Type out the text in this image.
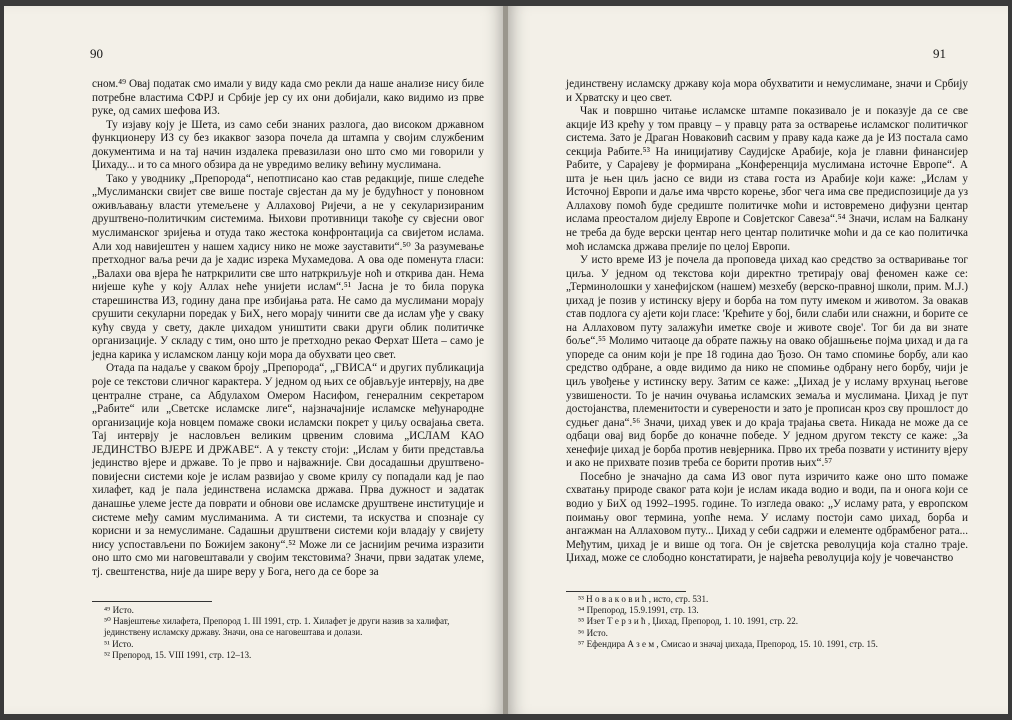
90

сном.⁴⁹ Овај податак смо имали у виду када смо рекли да наше анализе нису биле потребне властима СФРЈ и Србије јер су их они добијали, како видимо из прве руке, од самих шефова ИЗ.

Ту изјаву коју је Шета, из само себи знаних разлога, дао високом државном функционеру ИЗ су без икаквог зазора почела да штампа у своjим службеним документима и на тај начин издалека превазилази оно што смо ми говорили у Џихаду... и то са много обзира да не увредимо велику већину муслимана.

Тако у уводнику „Препорода“, непотписано као став редакције, пише следеће „Муслимански свијет све више постаје свјестан да му је будућност у поновном оживљавању власти утемељене у Аллаховој Ријечи, а не у секуларизираним друштвено-политичким системима. Њихови противници такође су свјесни овог муслиманског зријења и отуда тако жестока конфронтација са свијетом ислама. Али ход навијештен у нашем хадису нико не може зауставити“.⁵⁰ За разумевање претходног ваља речи да је хадис изрека Мухамедова. А ова оде поменута гласи: „Валахи ова вјера ће натркрилити све што натркриљује ноћ и открива дан. Нема нијеше куће у коју Аллах неће унијети ислам“.⁵¹ Јасна је то била порука старешинства ИЗ, годину дана пре избијања рата. Не само да муслимани морају срушити секуларни поредак у БиХ, него морају чинити све да ислам уђе у сваку кућу свуда у свету, дакле џихадом уништити сваки други облик политичке организације. У складу с тим, оно што је претходно рекао Ферхат Шета – само је једна карика у исламском ланцу који мора да обухвати цео свет.

Отада па надаље у сваком броју „Препорода“, „ГВИСА“ и других публикација роје се текстови сличног карактера. У једном од њих се објављује интервју, на две централне стране, са Абдулахом Омером Насифом, генералним секретаром „Рабите“ или „Светске исламске лиге“, најзначајније исламске међународне организације која новцем помаже своки исламски покрет у циљу освајања света. Тај интервју је насловљен великим црвеним словима „ИСЛАМ КАО ЈЕДИНСТВО ВЈЕРЕ И ДРЖАВЕ“. А у тексту стоји: „Ислам у бити представља јединство вјере и државе. То је прво и најважније. Сви досадашњи друштвено-повијесни системи које је ислам развијао у своме крилу су попадали кад је пао хилафет, кад је пала јединствена исламска држава. Прва дужност и задатак данашње улеме јесте да поврати и обнови ове исламске друштвене институције и системе међу самим муслиманима. А ти системи, та искуства и спознаје су корисни и за немуслимане. Садашњи друштвени системи који владају у свијету нису успостављени по Божијем закону“.⁵² Може ли се јаснијим речима изразити оно што смо ми наговештавали у својим текстовима? Значи, први задатак улеме, тј. свештенства, није да шире веру у Бога, него да се боре за

⁴⁹ Исто.
⁵⁰ Навјештење хилафета, Препород 1. III 1991, стр. 1. Хилафет је други назив за халифат, јединствену исламску државу. Значи, она се наговештава и долази.
⁵¹ Исто.
⁵² Препород, 15. VIII 1991, стр. 12–13.
91

јединствену исламску државу која мора обухватити и немуслимане, значи и Србију и Хрватску и цео свет.

Чак и површно читање исламске штампе показивало је и показује да се све акције ИЗ крећу у том правцу – у правцу рата за остварење исламског политичког система. Зато је Драган Новаковић сасвим у праву када каже да је ИЗ постала само секција Рабите.⁵³ На иницијативу Саудијске Арабије, која је главни финансијер Рабите, у Сарајеву је формирана „Конференција муслимана источне Европе“. А шта је њен циљ јасно се види из става госта из Арабије који каже: „Ислам у Источној Европи и даље има чврсто корење, због чега има све предиспозиције да уз Аллахову помоћ буде средиште политичке моћи и истовремено дифузни центар ислама преосталом дијелу Европе и Совјетског Савеза“.⁵⁴ Значи, ислам на Балкану не треба да буде верски центар него центар политичке моћи и да се као политичка моћ исламска држава прелије по целој Европи.

У исто време ИЗ је почела да проповеда џихад као средство за остваривање тог циља. У једном од текстова који директно третирају овај феномен каже се: „Терминолошки у ханефијском (нашем) мезхебу (верско-правној школи, прим. М.Ј.) џихад је позив у истинску вјеру и борба на том путу имеком и животом. За овакав став подлога су ајети који гласе: 'Крећите у бој, били слаби или снажни, и борите се на Аллаховом путу залажући иметке своје и животе своје'. Тог би да ви знате боље“.⁵⁵ Молимо читаоце да обрате пажњу на овако објашњење појма џихад и да га упореде са оним који је пре 18 година дао Ђозо. Он тамо спомиње борбу, али као средство одбране, а овде видимо да нико не спомиње одбрану него борбу, чији је циљ увођење у истинску веру. Затим се каже: „Џихад је у исламу врхунац његове узвишености. То је начин очувања исламских земаља и муслимана. Џихад је пут достојанства, племенитости и суверености и зато је прописан кроз сву прошлост до судњег дана“.⁵⁶ Значи, џихад увек и до краја трајања света. Никада не може да се одбаци овај вид борбе до коначне победе. У једном другом тексту се каже: „За хенефије џихад је борба против невјерника. Прво их треба позвати у истиниту вјеру и ако не прихвате позив треба се борити против њих“.⁵⁷

Посебно је значајно да сама ИЗ овог пута изричито каже оно што помаже схватању природе сваког рата који је ислам икада водио и води, па и онога који се водио у БиХ од 1992–1995. године. То изгледа овако: „У исламу рата, у европском поимању овог термина, уопће нема. У исламу постоји само џихад, борба и ангажман на Аллаховом путу... Џихад у себи садржи и елементе одбрамбеног рата... Међутим, џихад је и више од тога. Он је свјетска револуција која стално траје. Џихад, може се слободно констатирати, је највећа револуција коју је човечанство

⁵³ Н о в а к о в и ћ , исто, стр. 531.
⁵⁴ Препород, 15.9.1991, стр. 13.
⁵⁵ Изет Т е р з и ћ , Џихад, Препород, 1. 10. 1991, стр. 22.
⁵⁶ Исто.
⁵⁷ Ефендира А з е м , Смисао и значај џихада, Препород, 15. 10. 1991, стр. 15.
